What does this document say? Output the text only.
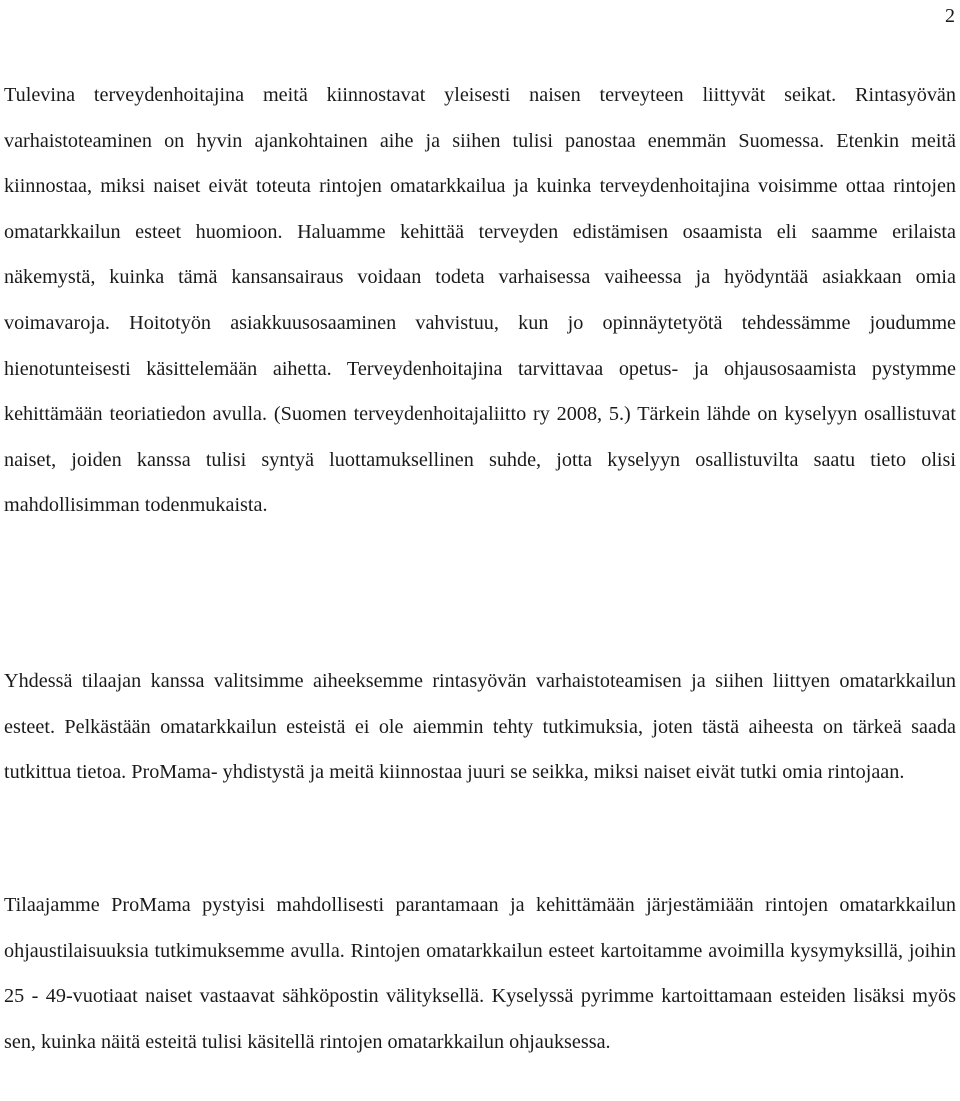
2

Tulevina terveydenhoitajina meitä kiinnostavat yleisesti naisen terveyteen liittyvät seikat. Rintasyövän varhaistoteaminen on hyvin ajankohtainen aihe ja siihen tulisi panostaa enemmän Suomessa. Etenkin meitä kiinnostaa, miksi naiset eivät toteuta rintojen omatarkkailua ja kuinka terveydenhoitajina voisimme ottaa rintojen omatarkkailun esteet huomioon. Haluamme kehittää terveyden edistämisen osaamista eli saamme erilaista näkemystä, kuinka tämä kansansairaus voidaan todeta varhaisessa vaiheessa ja hyödyntää asiakkaan omia voimavaroja. Hoitotyön asiakkuusosaaminen vahvistuu, kun jo opinnäytetyötä tehdessämme joudumme hienotunteisesti käsittelemään aihetta. Terveydenhoitajina tarvittavaa opetus- ja ohjausosaamista pystymme kehittämään teoriatiedon avulla. (Suomen terveydenhoitajaliitto ry 2008, 5.) Tärkein lähde on kyselyyn osallistuvat naiset, joiden kanssa tulisi syntyä luottamuksellinen suhde, jotta kyselyyn osallistuvilta saatu tieto olisi mahdollisimman todenmukaista.

Yhdessä tilaajan kanssa valitsimme aiheeksemme rintasyövän varhaistoteamisen ja siihen liittyen omatarkkailun esteet. Pelkästään omatarkkailun esteistä ei ole aiemmin tehty tutkimuksia, joten tästä aiheesta on tärkeä saada tutkittua tietoa. ProMama- yhdistystä ja meitä kiinnostaa juuri se seikka, miksi naiset eivät tutki omia rintojaan.

Tilaajamme ProMama pystyisi mahdollisesti parantamaan ja kehittämään järjestämiään rintojen omatarkkailun ohjaustilaisuuksia tutkimuksemme avulla. Rintojen omatarkkailun esteet kartoitamme avoimilla kysymyksillä, joihin 25 - 49-vuotiaat naiset vastaavat sähköpostin välityksellä. Kyselyssä pyrimme kartoittamaan esteiden lisäksi myös sen, kuinka näitä esteitä tulisi käsitellä rintojen omatarkkailun ohjauksessa.
